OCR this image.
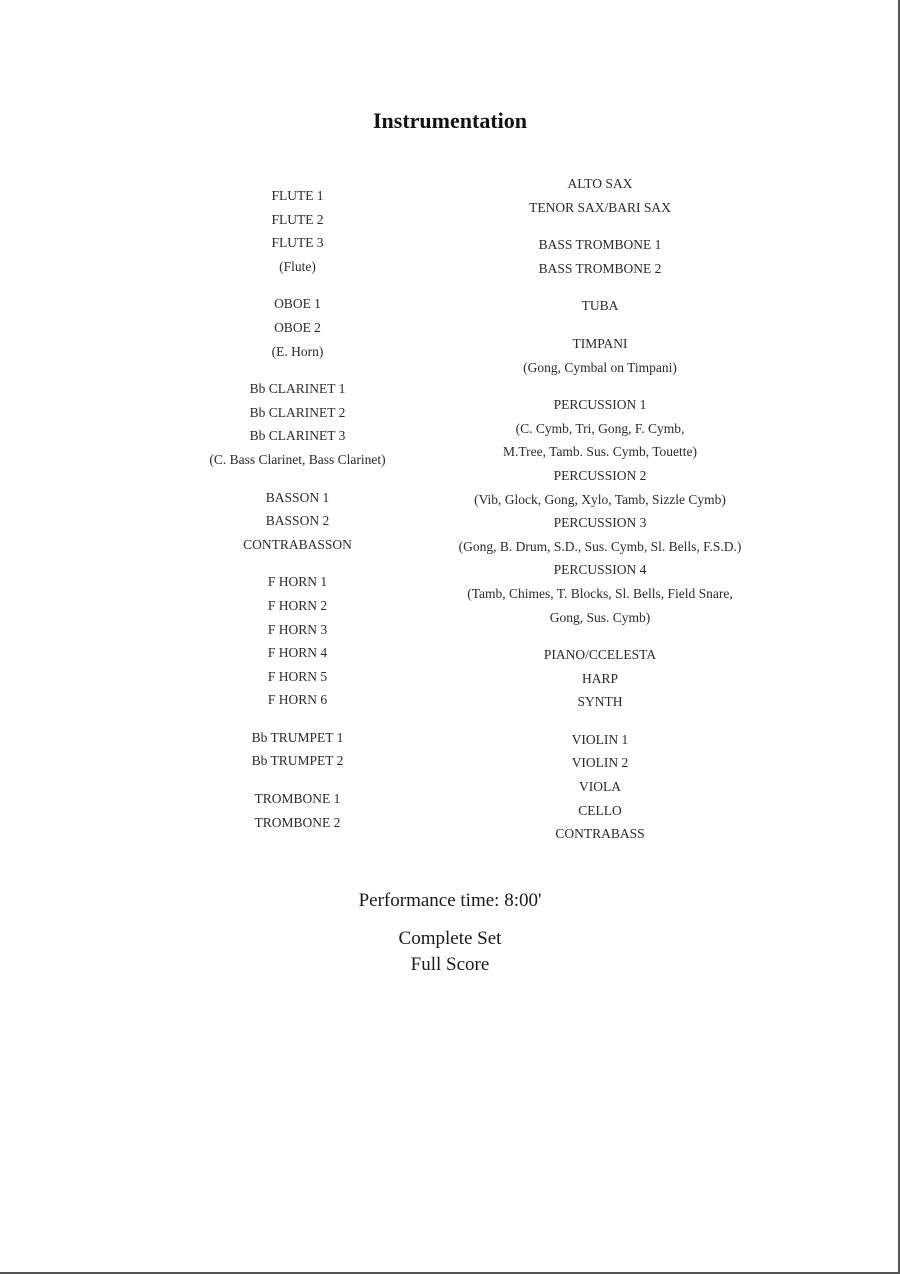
Instrumentation
FLUTE 1
FLUTE 2
FLUTE 3
(Flute)
OBOE 1
OBOE 2
(E. Horn)
Bb CLARINET 1
Bb CLARINET 2
Bb CLARINET 3
(C. Bass Clarinet, Bass Clarinet)
BASSON 1
BASSON 2
CONTRABASSON
F HORN 1
F HORN 2
F HORN 3
F HORN 4
F HORN 5
F HORN 6
Bb TRUMPET 1
Bb TRUMPET 2
TROMBONE 1
TROMBONE 2
ALTO SAX
TENOR SAX/BARI SAX
BASS TROMBONE 1
BASS TROMBONE 2
TUBA
TIMPANI
(Gong, Cymbal on Timpani)
PERCUSSION 1
(C. Cymb, Tri, Gong, F. Cymb,
M.Tree, Tamb. Sus. Cymb, Touette)
PERCUSSION 2
(Vib, Glock, Gong, Xylo, Tamb, Sizzle Cymb)
PERCUSSION 3
(Gong, B. Drum, S.D., Sus. Cymb, Sl. Bells, F.S.D.)
PERCUSSION 4
(Tamb, Chimes, T. Blocks, Sl. Bells, Field Snare,
Gong, Sus. Cymb)
PIANO/CCELESTA
HARP
SYNTH
VIOLIN 1
VIOLIN 2
VIOLA
CELLO
CONTRABASS
Performance time: 8:00'
Complete Set
Full Score
